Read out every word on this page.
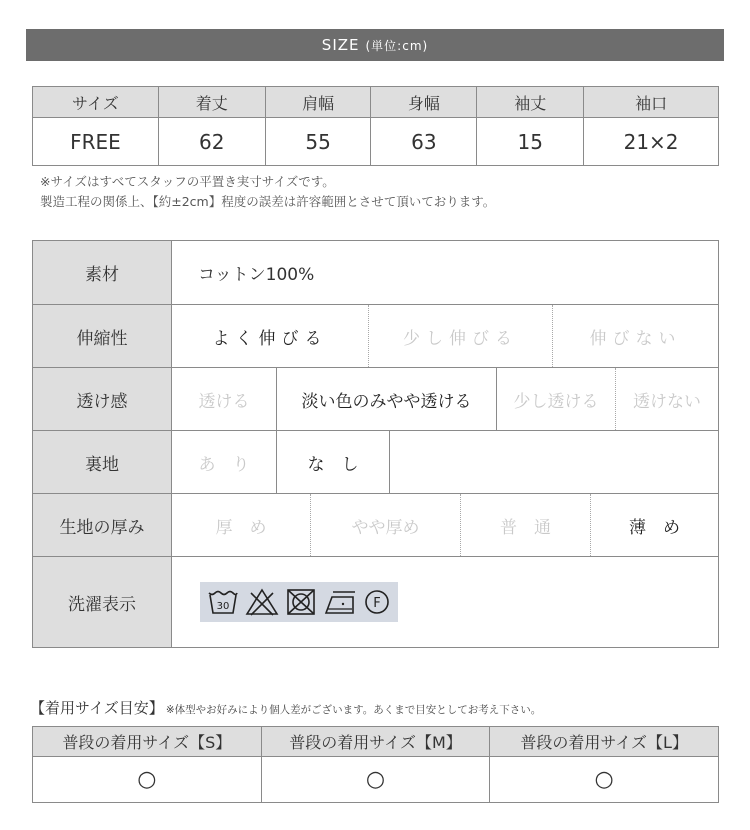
SIZE (単位:cm)
サイズ	着丈	肩幅	身幅	袖丈	袖口
FREE	62	55	63	15	21×2
※サイズはすべてスタッフの平置き実寸サイズです。
製造工程の関係上、【約±2cm】程度の誤差は許容範囲とさせて頂いております。
素材	コットン100%
伸縮性	よく伸びる	少し伸びる	伸びない
透け感	透ける	淡い色のみやや透ける	少し透ける	透けない
裏地	あ　り	な　し
生地の厚み	厚　め	やや厚め	普　通	薄　め
洗濯表示	30	F
【着用サイズ目安】 ※体型やお好みにより個人差がございます。あくまで目安としてお考え下さい。
普段の着用サイズ【S】	普段の着用サイズ【M】	普段の着用サイズ【L】
○	○	○
